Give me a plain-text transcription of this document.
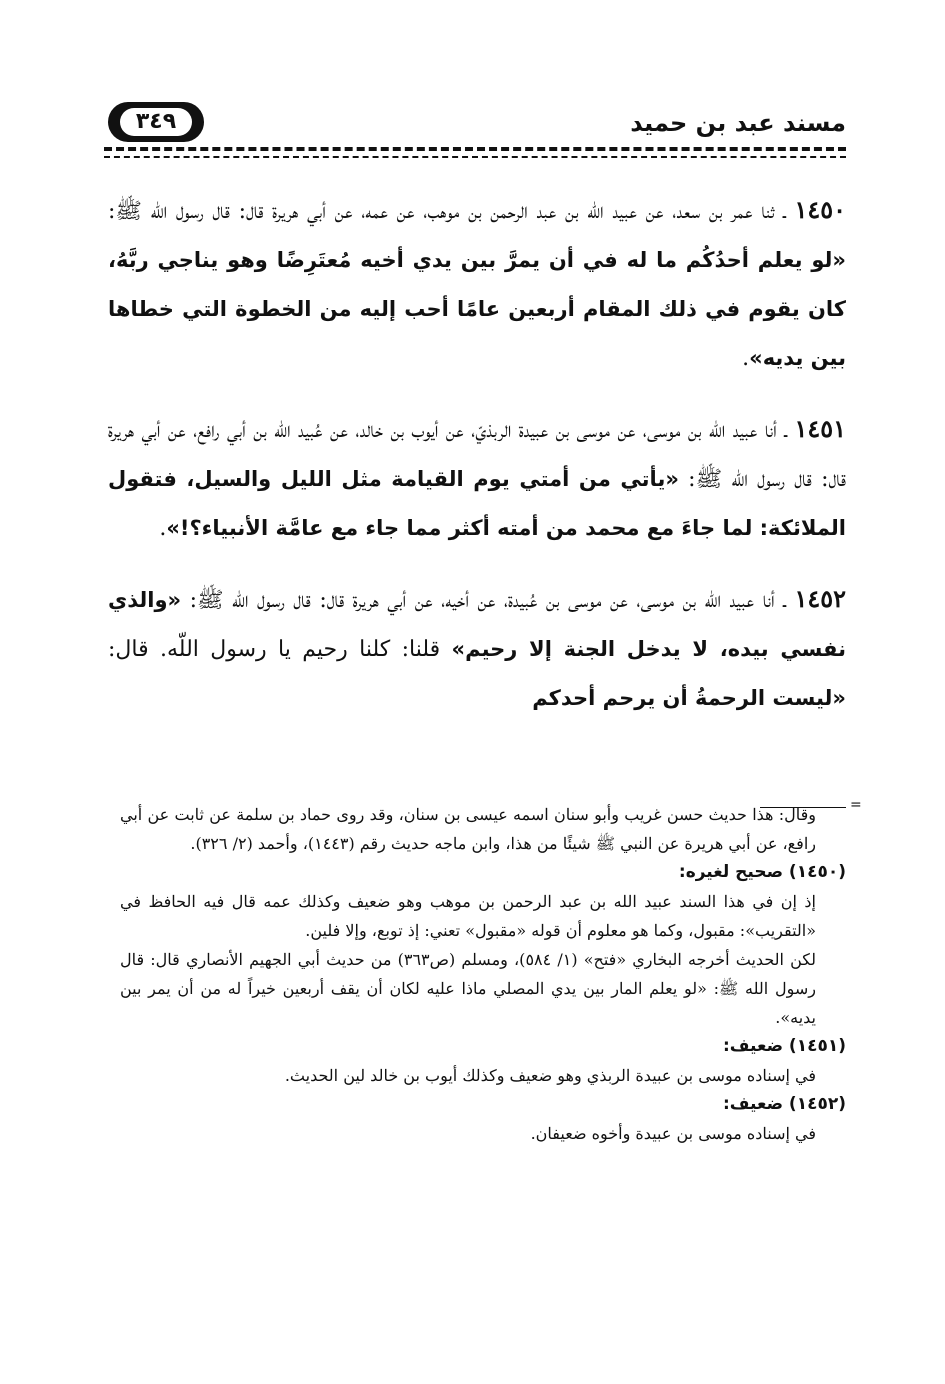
٣٤٩	مسند عبد بن حميد

١٤٥٠ ـ ثنا عمر بن سعد، عن عبيد اللّه بن عبد الرحمن بن موهب، عن عمه، عن أبي هريرة قال: قال رسول اللّه ﷺ: «لو يعلم أحدُكُم ما له في أن يمرَّ بين يدي أخيه مُعتَرِضًا وهو يناجي ربَّهُ، كان يقوم في ذلك المقام أربعين عامًا أحب إليه من الخطوة التي خطاها بين يديه».

١٤٥١ ـ أنا عبيد اللّه بن موسى، عن موسى بن عبيدة الربذيّ، عن أيوب بن خالد، عن عُبيد اللّه بن أبي رافع، عن أبي هريرة قال: قال رسول اللّه ﷺ: «يأتي من أمتي يوم القيامة مثل الليل والسيل، فتقول الملائكة: لما جاءَ مع محمد من أمته أكثر مما جاء مع عامَّة الأنبياء؟!».

١٤٥٢ ـ أنا عبيد اللّه بن موسى، عن موسى بن عُبيدة، عن أخيه، عن أبي هريرة قال: قال رسول اللّه ﷺ: «والذي نفسي بيده، لا يدخل الجنة إلا رحيم» قلنا: كلنا رحيم يا رسول اللّه. قال: «ليست الرحمةُ أن يرحم أحدكم

=

وقال: هذا حديث حسن غريب وأبو سنان اسمه عيسى بن سنان، وقد روى حماد بن سلمة عن ثابت عن أبي رافع، عن أبي هريرة عن النبي ﷺ شيئًا من هذا، وابن ماجه حديث رقم (١٤٤٣)، وأحمد (٢/ ٣٢٦).

(١٤٥٠) صحيح لغيره:

إذ إن في هذا السند عبيد الله بن عبد الرحمن بن موهب وهو ضعيف وكذلك عمه قال فيه الحافظ في «التقريب»: مقبول، وكما هو معلوم أن قوله «مقبول» تعني: إذ توبع، وإلا فلين.

لكن الحديث أخرجه البخاري «فتح» (١/ ٥٨٤)، ومسلم (ص٣٦٣) من حديث أبي الجهيم الأنصاري قال: قال رسول الله ﷺ: «لو يعلم المار بين يدي المصلي ماذا عليه لكان أن يقف أربعين خيراً له من أن يمر بين يديه».

(١٤٥١) ضعيف:

في إسناده موسى بن عبيدة الربذي وهو ضعيف وكذلك أيوب بن خالد لين الحديث.

(١٤٥٢) ضعيف:

في إسناده موسى بن عبيدة وأخوه ضعيفان.
